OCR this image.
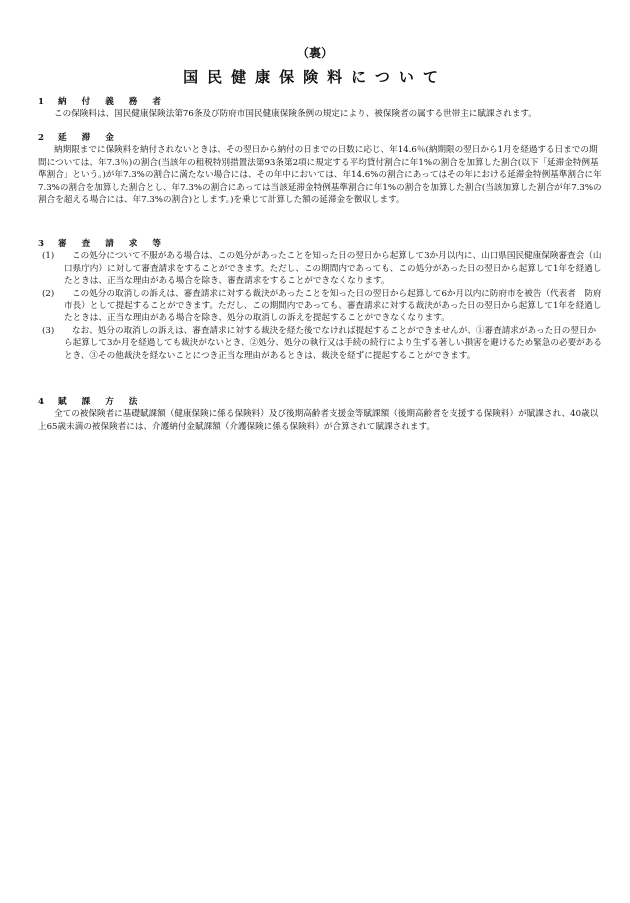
（裏）
国民健康保険料について
1 納付義務者

この保険料は、国民健康保険法第76条及び防府市国民健康保険条例の規定により、被保険者の属する世帯主に賦課されます。

2 延滞金

納期限までに保険料を納付されないときは、その翌日から納付の日までの日数に応じ、年14.6％(納期限の翌日から1月を経過する日までの期間については、年7.3％)の割合(当該年の租税特別措置法第93条第2項に規定する平均貸付割合に年1%の割合を加算した割合(以下「延滞金特例基準割合」という。)が年7.3%の割合に満たない場合には、その年中においては、年14.6%の割合にあってはその年における延滞金特例基準割合に年7.3%の割合を加算した割合とし、年7.3%の割合にあっては当該延滞金特例基準割合に年1%の割合を加算した割合(当該加算した割合が年7.3%の割合を超える場合には、年7.3%の割合)とします。)を乗じて計算した額の延滞金を徴収します。

3 審査請求等
(1)	この処分について不服がある場合は、この処分があったことを知った日の翌日から起算して3か月以内に、山口県国民健康保険審査会（山口県庁内）に対して審査請求をすることができます。ただし、この期間内であっても、この処分があった日の翌日から起算して1年を経過したときは、正当な理由がある場合を除き、審査請求をすることができなくなります。

(2)	この処分の取消しの訴えは、審査請求に対する裁決があったことを知った日の翌日から起算して6か月以内に防府市を被告（代表者　防府市長）として提起することができます。ただし、この期間内であっても、審査請求に対する裁決があった日の翌日から起算して1年を経過したときは、正当な理由がある場合を除き、処分の取消しの訴えを提起することができなくなります。

(3)	なお、処分の取消しの訴えは、審査請求に対する裁決を経た後でなければ提起することができませんが、①審査請求があった日の翌日から起算して3か月を経過しても裁決がないとき、②処分、処分の執行又は手続の続行により生ずる著しい損害を避けるため緊急の必要があるとき、③その他裁決を経ないことにつき正当な理由があるときは、裁決を経ずに提起することができます。

4 賦課方法

全ての被保険者に基礎賦課額（健康保険に係る保険料）及び後期高齢者支援金等賦課額（後期高齢者を支援する保険料）が賦課され、40歳以上65歳未満の被保険者には、介護納付金賦課額（介護保険に係る保険料）が合算されて賦課されます。
